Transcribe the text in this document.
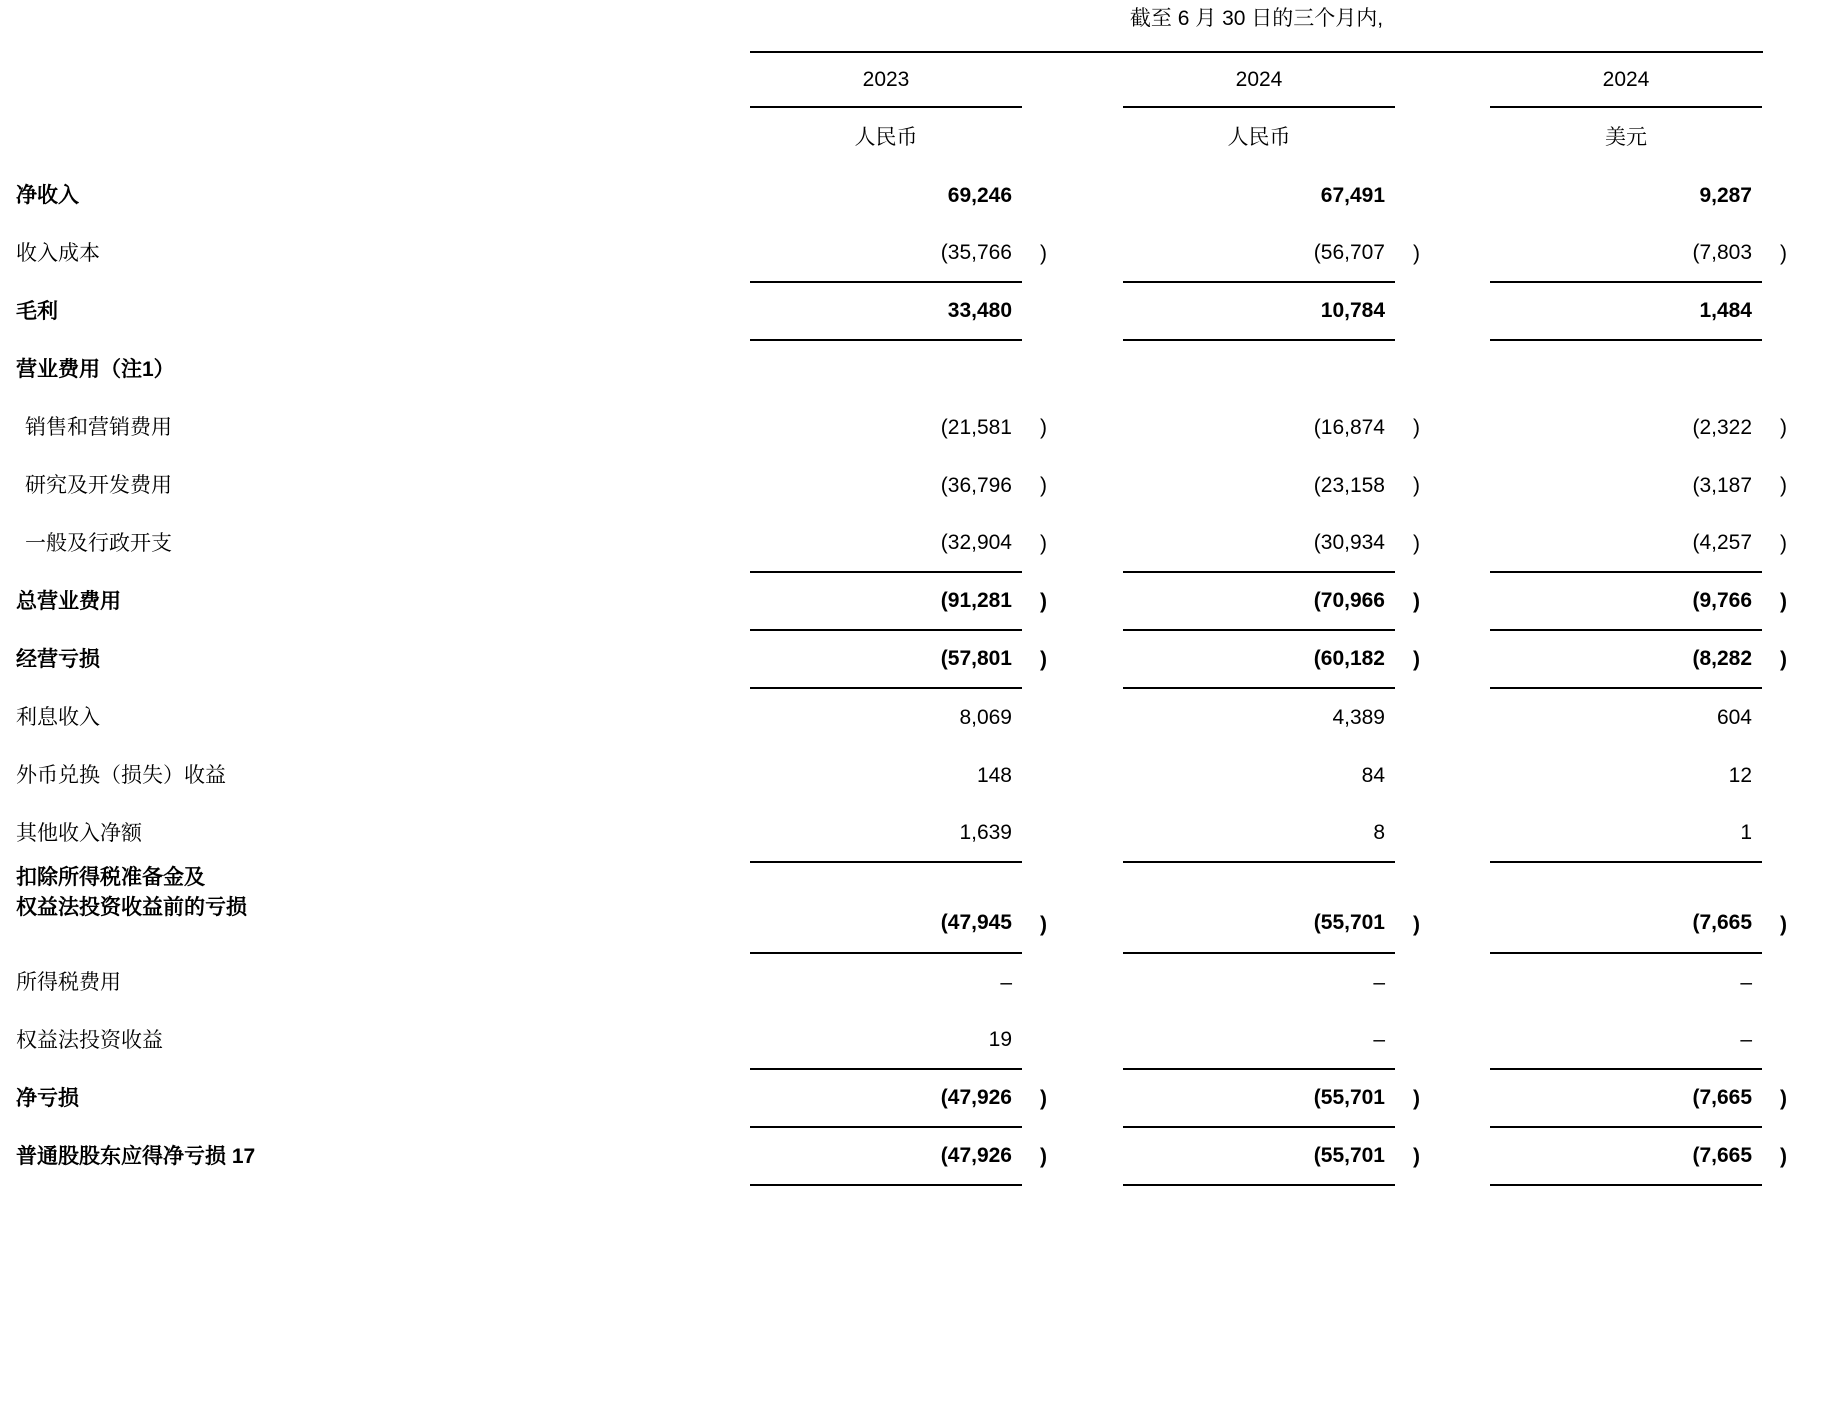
截至 6 月 30 日的三个月内,
2023	2024	2024
人民币	人民币	美元
净收入	69,246	67,491	9,287
收入成本	(35,766	)	(56,707	)	(7,803	)
毛利	33,480	10,784	1,484
营业费用（注1）
销售和营销费用	(21,581	)	(16,874	)	(2,322	)
研究及开发费用	(36,796	)	(23,158	)	(3,187	)
一般及行政开支	(32,904	)	(30,934	)	(4,257	)
总营业费用	(91,281	)	(70,966	)	(9,766	)
经营亏损	(57,801	)	(60,182	)	(8,282	)
利息收入	8,069	4,389	604
外币兑换（损失）收益	148	84	12
其他收入净额	1,639	8	1
扣除所得税准备金及
权益法投资收益前的亏损
(47,945	)	(55,701	)	(7,665	)
所得税费用	–	–	–
权益法投资收益	19	–	–
净亏损	(47,926	)	(55,701	)	(7,665	)
普通股股东应得净亏损 17	(47,926	)	(55,701	)	(7,665	)
